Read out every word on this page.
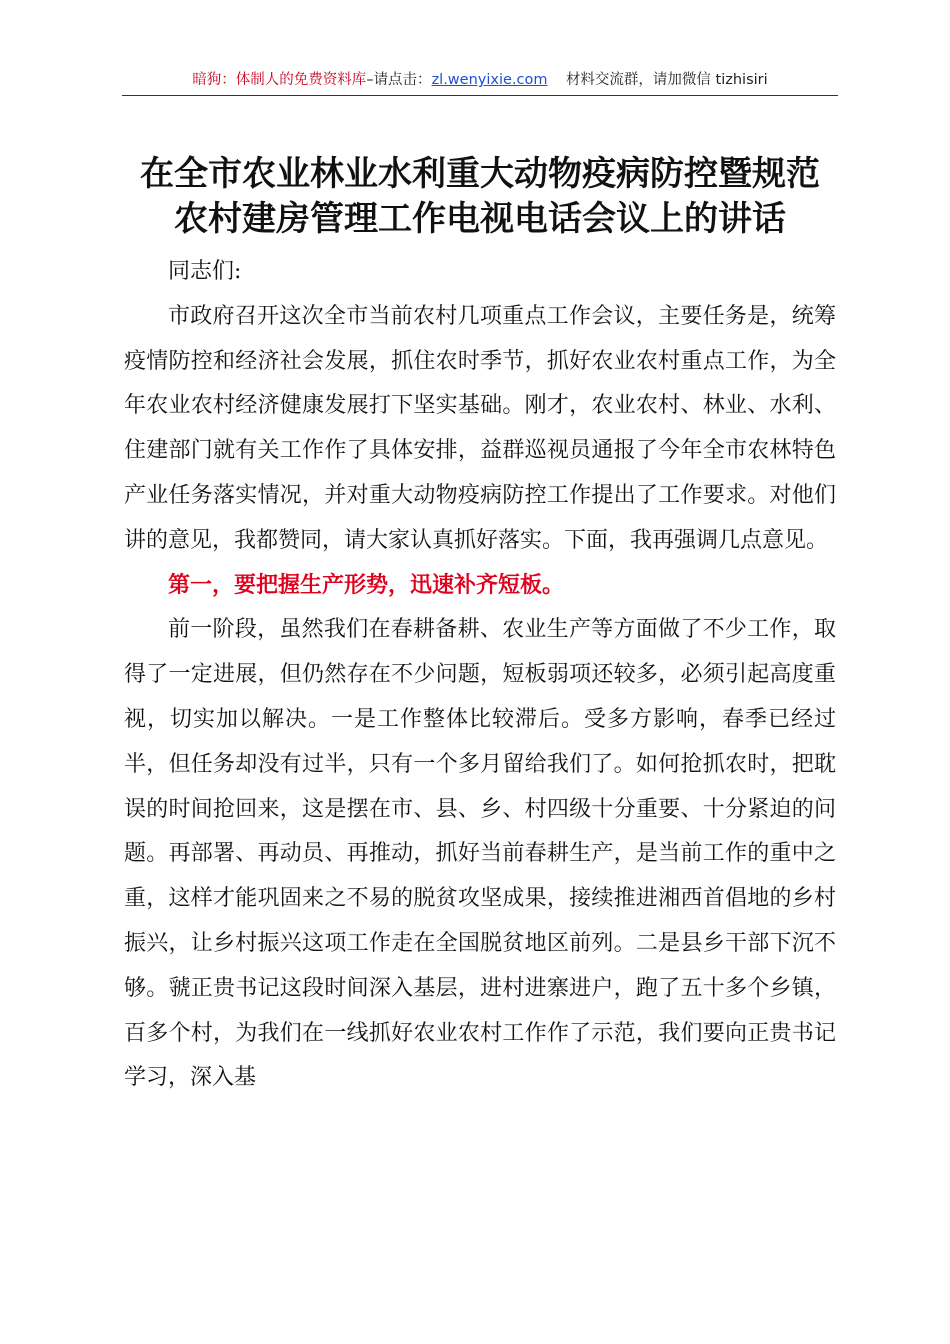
暗狗：体制人的免费资料库–请点击：zl.wenyixie.com 材料交流群，请加微信 tizhisiri
在全市农业林业水利重大动物疫病防控暨规范
农村建房管理工作电视电话会议上的讲话

同志们:

市政府召开这次全市当前农村几项重点工作会议，主要任务是，统筹疫情防控和经济社会发展，抓住农时季节，抓好农业农村重点工作，为全年农业农村经济健康发展打下坚实基础。刚才，农业农村、林业、水利、住建部门就有关工作作了具体安排，益群巡视员通报了今年全市农林特色产业任务落实情况，并对重大动物疫病防控工作提出了工作要求。对他们讲的意见，我都赞同，请大家认真抓好落实。下面，我再强调几点意见。

第一，要把握生产形势，迅速补齐短板。

前一阶段，虽然我们在春耕备耕、农业生产等方面做了不少工作，取得了一定进展，但仍然存在不少问题，短板弱项还较多，必须引起高度重视，切实加以解决。一是工作整体比较滞后。受多方影响，春季已经过半，但任务却没有过半，只有一个多月留给我们了。如何抢抓农时，把耽误的时间抢回来，这是摆在市、县、乡、村四级十分重要、十分紧迫的问题。再部署、再动员、再推动，抓好当前春耕生产，是当前工作的重中之重，这样才能巩固来之不易的脱贫攻坚成果，接续推进湘西首倡地的乡村振兴，让乡村振兴这项工作走在全国脱贫地区前列。二是县乡干部下沉不够。虢正贵书记这段时间深入基层，进村进寨进户，跑了五十多个乡镇，百多个村，为我们在一线抓好农业农村工作作了示范，我们要向正贵书记学习，深入基
